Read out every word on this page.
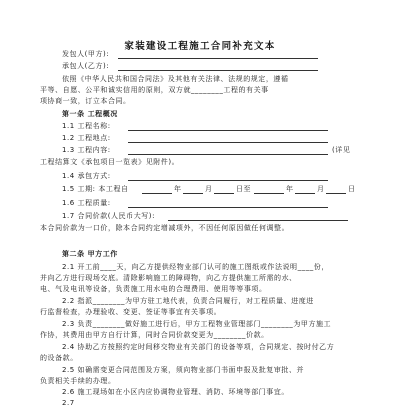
家装建设工程施工合同补充文本
发包人(甲方):
承包人(乙方):
依照《中华人民共和国合同法》及其他有关法律、法规的规定，遵循
平等、自愿、公平和诚实信用的原则，双方就________工程的有关事
项协商一致，订立本合同。
第一条 工程概况
1.1 工程名称:
1.2 工程地点:
1.3 工程内容:	(详见
工程结算文《承包项目一览表》见附件)。
1.4 承包方式:
1.5 工期: 本工程自	年	月	日至	年	月	日
1.6 工程质量:
1.7 合同价款(人民币大写):
本合同价款为一口价，除本合同约定增减项外，不因任何原因做任何调整。
第二条 甲方工作
2.1 开工前____天，向乙方提供经物业部门认可的施工图纸或作法说明____份，
并向乙方进行现场交底。清除影响施工的障碍物，向乙方提供施工所需的水、
电、气及电讯等设备，负责施工用水电的合理费用、使用等等事项。
2.2 指派________为甲方驻工地代表，负责合同履行，对工程质量、进度进
行监督检查，办理验收、变更、签证等事宜有关事项。
2.3 负责________做好施工进行后，甲方工程物业管理部门________为甲方施工
作协，其费用由甲方自行计算，同时合同价款变更为________价款。
2.4 协助乙方按照约定时间移交物业有关部门的设备等项，合同规定、按时付乙方
的设备款。
2.5 如确需变更合同范围及方案，须向物业部门书面申报及批复审批、并
负责相关手续的办理。
2.6 施工现场如在小区内应协调物业管理、消防、环境等部门事宜。
2.7
